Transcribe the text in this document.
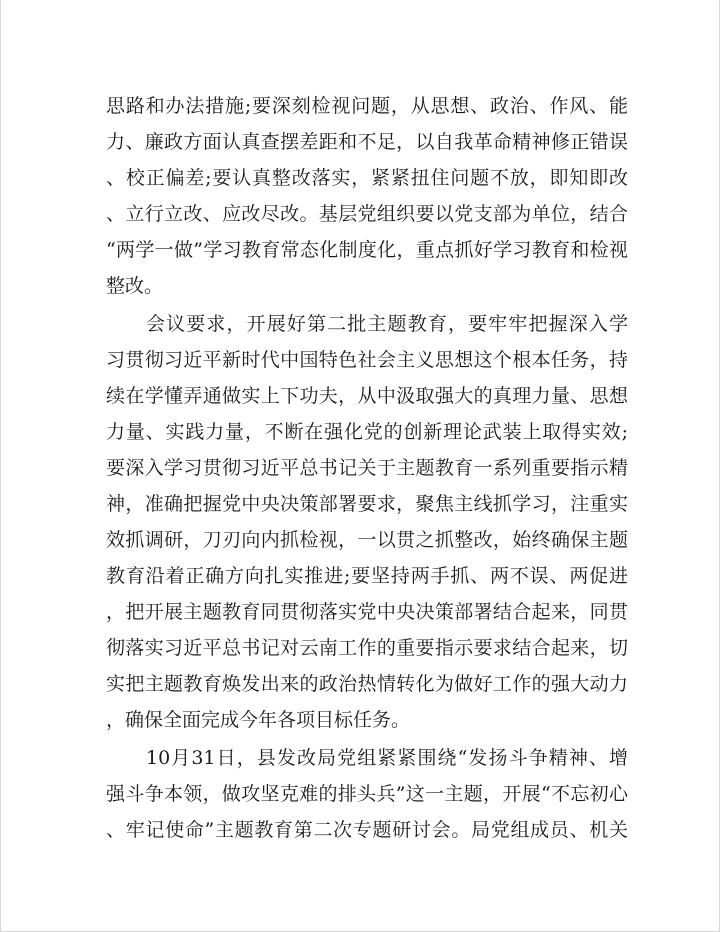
思路和办法措施;要深刻检视问题，从思想、政治、作风、能
力、廉政方面认真查摆差距和不足，以自我革命精神修正错误
、校正偏差;要认真整改落实，紧紧扭住问题不放，即知即改
、立行立改、应改尽改。基层党组织要以党支部为单位，结合
“两学一做”学习教育常态化制度化，重点抓好学习教育和检视
整改。
会议要求，开展好第二批主题教育，要牢牢把握深入学
习贯彻习近平新时代中国特色社会主义思想这个根本任务，持
续在学懂弄通做实上下功夫，从中汲取强大的真理力量、思想
力量、实践力量，不断在强化党的创新理论武装上取得实效;
要深入学习贯彻习近平总书记关于主题教育一系列重要指示精
神，准确把握党中央决策部署要求，聚焦主线抓学习，注重实
效抓调研，刀刃向内抓检视，一以贯之抓整改，始终确保主题
教育沿着正确方向扎实推进;要坚持两手抓、两不误、两促进
，把开展主题教育同贯彻落实党中央决策部署结合起来，同贯
彻落实习近平总书记对云南工作的重要指示要求结合起来，切
实把主题教育焕发出来的政治热情转化为做好工作的强大动力
，确保全面完成今年各项目标任务。
10月31日，县发改局党组紧紧围绕“发扬斗争精神、增
强斗争本领，做攻坚克难的排头兵”这一主题，开展“不忘初心
、牢记使命”主题教育第二次专题研讨会。局党组成员、机关
